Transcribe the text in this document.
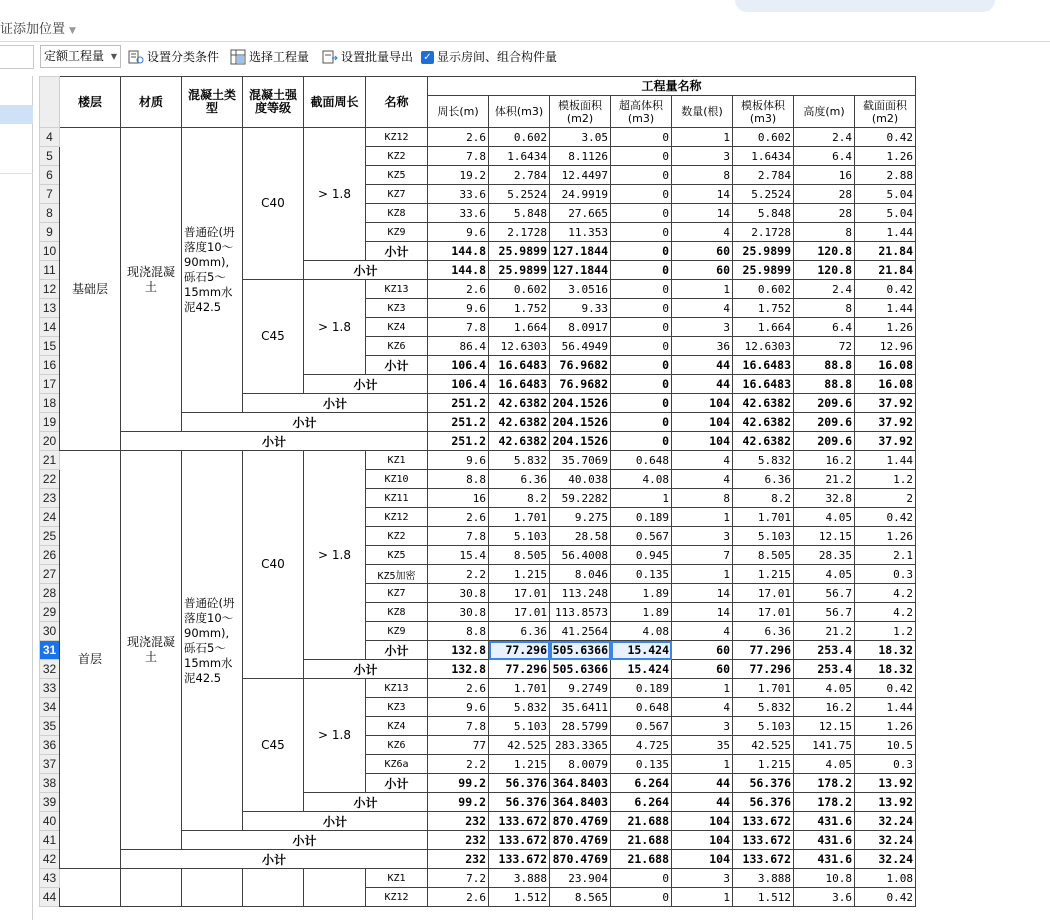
证添加位置 ▼
定额工程量 ▼	设置分类条件 选择工程量	设置批量导出 ✓ 显示房间、组合构件量
	楼层	材质	混凝土类型	混凝土强度等级	截面周长	名称	工程量名称							
							周长(m)	体积(m3)	模板面积(m2)	超高体积(m3)	数量(根)	模板体积(m3)	高度(m)	截面面积(m2)
4	基础层	现浇混凝土	普通砼(坍落度10～90mm),砾石5～15mm水泥42.5	C40	> 1.8	KZ12	2.6	0.602	3.05	0	1	0.602	2.4	0.42
5						KZ2	7.8	1.6434	8.1126	0	3	1.6434	6.4	1.26
6						KZ5	19.2	2.784	12.4497	0	8	2.784	16	2.88
7						KZ7	33.6	5.2524	24.9919	0	14	5.2524	28	5.04
8						KZ8	33.6	5.848	27.665	0	14	5.848	28	5.04
9						KZ9	9.6	2.1728	11.353	0	4	2.1728	8	1.44
10						小计	144.8	25.9899	127.1844	0	60	25.9899	120.8	21.84
11					小计		144.8	25.9899	127.1844	0	60	25.9899	120.8	21.84
12				C45	> 1.8	KZ13	2.6	0.602	3.0516	0	1	0.602	2.4	0.42
13						KZ3	9.6	1.752	9.33	0	4	1.752	8	1.44
14						KZ4	7.8	1.664	8.0917	0	3	1.664	6.4	1.26
15						KZ6	86.4	12.6303	56.4949	0	36	12.6303	72	12.96
16						小计	106.4	16.6483	76.9682	0	44	16.6483	88.8	16.08
17					小计		106.4	16.6483	76.9682	0	44	16.6483	88.8	16.08
18				小计			251.2	42.6382	204.1526	0	104	42.6382	209.6	37.92
19			小计				251.2	42.6382	204.1526	0	104	42.6382	209.6	37.92
20		小计					251.2	42.6382	204.1526	0	104	42.6382	209.6	37.92
21	首层	现浇混凝土	普通砼(坍落度10～90mm),砾石5～15mm水泥42.5	C40	> 1.8	KZ1	9.6	5.832	35.7069	0.648	4	5.832	16.2	1.44
22						KZ10	8.8	6.36	40.038	4.08	4	6.36	21.2	1.2
23						KZ11	16	8.2	59.2282	1	8	8.2	32.8	2
24						KZ12	2.6	1.701	9.275	0.189	1	1.701	4.05	0.42
25						KZ2	7.8	5.103	28.58	0.567	3	5.103	12.15	1.26
26						KZ5	15.4	8.505	56.4008	0.945	7	8.505	28.35	2.1
27						KZ5加密	2.2	1.215	8.046	0.135	1	1.215	4.05	0.3
28						KZ7	30.8	17.01	113.248	1.89	14	17.01	56.7	4.2
29						KZ8	30.8	17.01	113.8573	1.89	14	17.01	56.7	4.2
30						KZ9	8.8	6.36	41.2564	4.08	4	6.36	21.2	1.2
31						小计	132.8	77.296	505.6366	15.424	60	77.296	253.4	18.32
32					小计		132.8	77.296	505.6366	15.424	60	77.296	253.4	18.32
33				C45	> 1.8	KZ13	2.6	1.701	9.2749	0.189	1	1.701	4.05	0.42
34						KZ3	9.6	5.832	35.6411	0.648	4	5.832	16.2	1.44
35						KZ4	7.8	5.103	28.5799	0.567	3	5.103	12.15	1.26
36						KZ6	77	42.525	283.3365	4.725	35	42.525	141.75	10.5
37						KZ6a	2.2	1.215	8.0079	0.135	1	1.215	4.05	0.3
38						小计	99.2	56.376	364.8403	6.264	44	56.376	178.2	13.92
39					小计		99.2	56.376	364.8403	6.264	44	56.376	178.2	13.92
40				小计			232	133.672	870.4769	21.688	104	133.672	431.6	32.24
41			小计				232	133.672	870.4769	21.688	104	133.672	431.6	32.24
42		小计					232	133.672	870.4769	21.688	104	133.672	431.6	32.24
43						KZ1	7.2	3.888	23.904	0	3	3.888	10.8	1.08
44						KZ12	2.6	1.512	8.565	0	1	1.512	3.6	0.42
